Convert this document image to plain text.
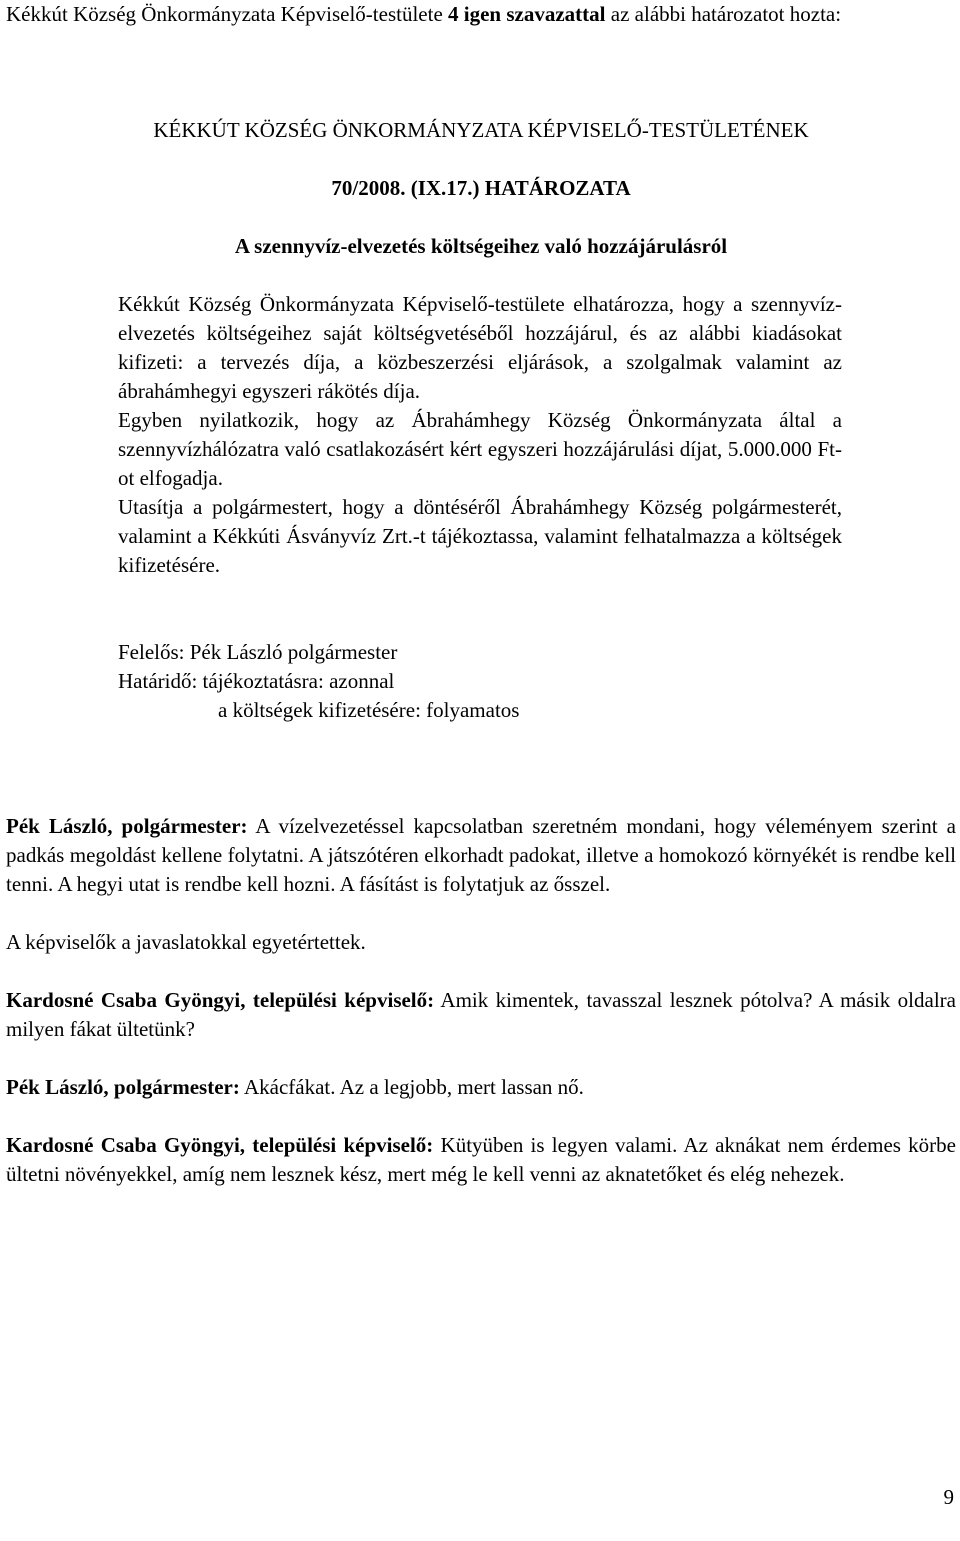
Kékkút Község Önkormányzata Képviselő-testülete 4 igen szavazattal az alábbi határozatot hozta:

KÉKKÚT KÖZSÉG ÖNKORMÁNYZATA KÉPVISELŐ-TESTÜLETÉNEK

70/2008. (IX.17.) HATÁROZATA

A szennyvíz-elvezetés költségeihez való hozzájárulásról

Kékkút Község Önkormányzata Képviselő-testülete elhatározza, hogy a szennyvíz-elvezetés költségeihez saját költségvetéséből hozzájárul, és az alábbi kiadásokat kifizeti: a tervezés díja, a közbeszerzési eljárások, a szolgalmak valamint az ábrahámhegyi egyszeri rákötés díja.

Egyben nyilatkozik, hogy az Ábrahámhegy Község Önkormányzata által a szennyvízhálózatra való csatlakozásért kért egyszeri hozzájárulási díjat, 5.000.000 Ft-ot elfogadja.

Utasítja a polgármestert, hogy a döntéséről Ábrahámhegy Község polgármesterét, valamint a Kékkúti Ásványvíz Zrt.-t tájékoztassa, valamint felhatalmazza a költségek kifizetésére.

Felelős: Pék László polgármester

Határidő: tájékoztatásra: azonnal

a költségek kifizetésére: folyamatos

Pék László, polgármester: A vízelvezetéssel kapcsolatban szeretném mondani, hogy véleményem szerint a padkás megoldást kellene folytatni. A játszótéren elkorhadt padokat, illetve a homokozó környékét is rendbe kell tenni. A hegyi utat is rendbe kell hozni. A fásítást is folytatjuk az ősszel.

A képviselők a javaslatokkal egyetértettek.

Kardosné Csaba Gyöngyi, települési képviselő: Amik kimentek, tavasszal lesznek pótolva? A másik oldalra milyen fákat ültetünk?

Pék László, polgármester: Akácfákat. Az a legjobb, mert lassan nő.

Kardosné Csaba Gyöngyi, települési képviselő: Kütyüben is legyen valami. Az aknákat nem érdemes körbe ültetni növényekkel, amíg nem lesznek kész, mert még le kell venni az aknatetőket és elég nehezek.

9
